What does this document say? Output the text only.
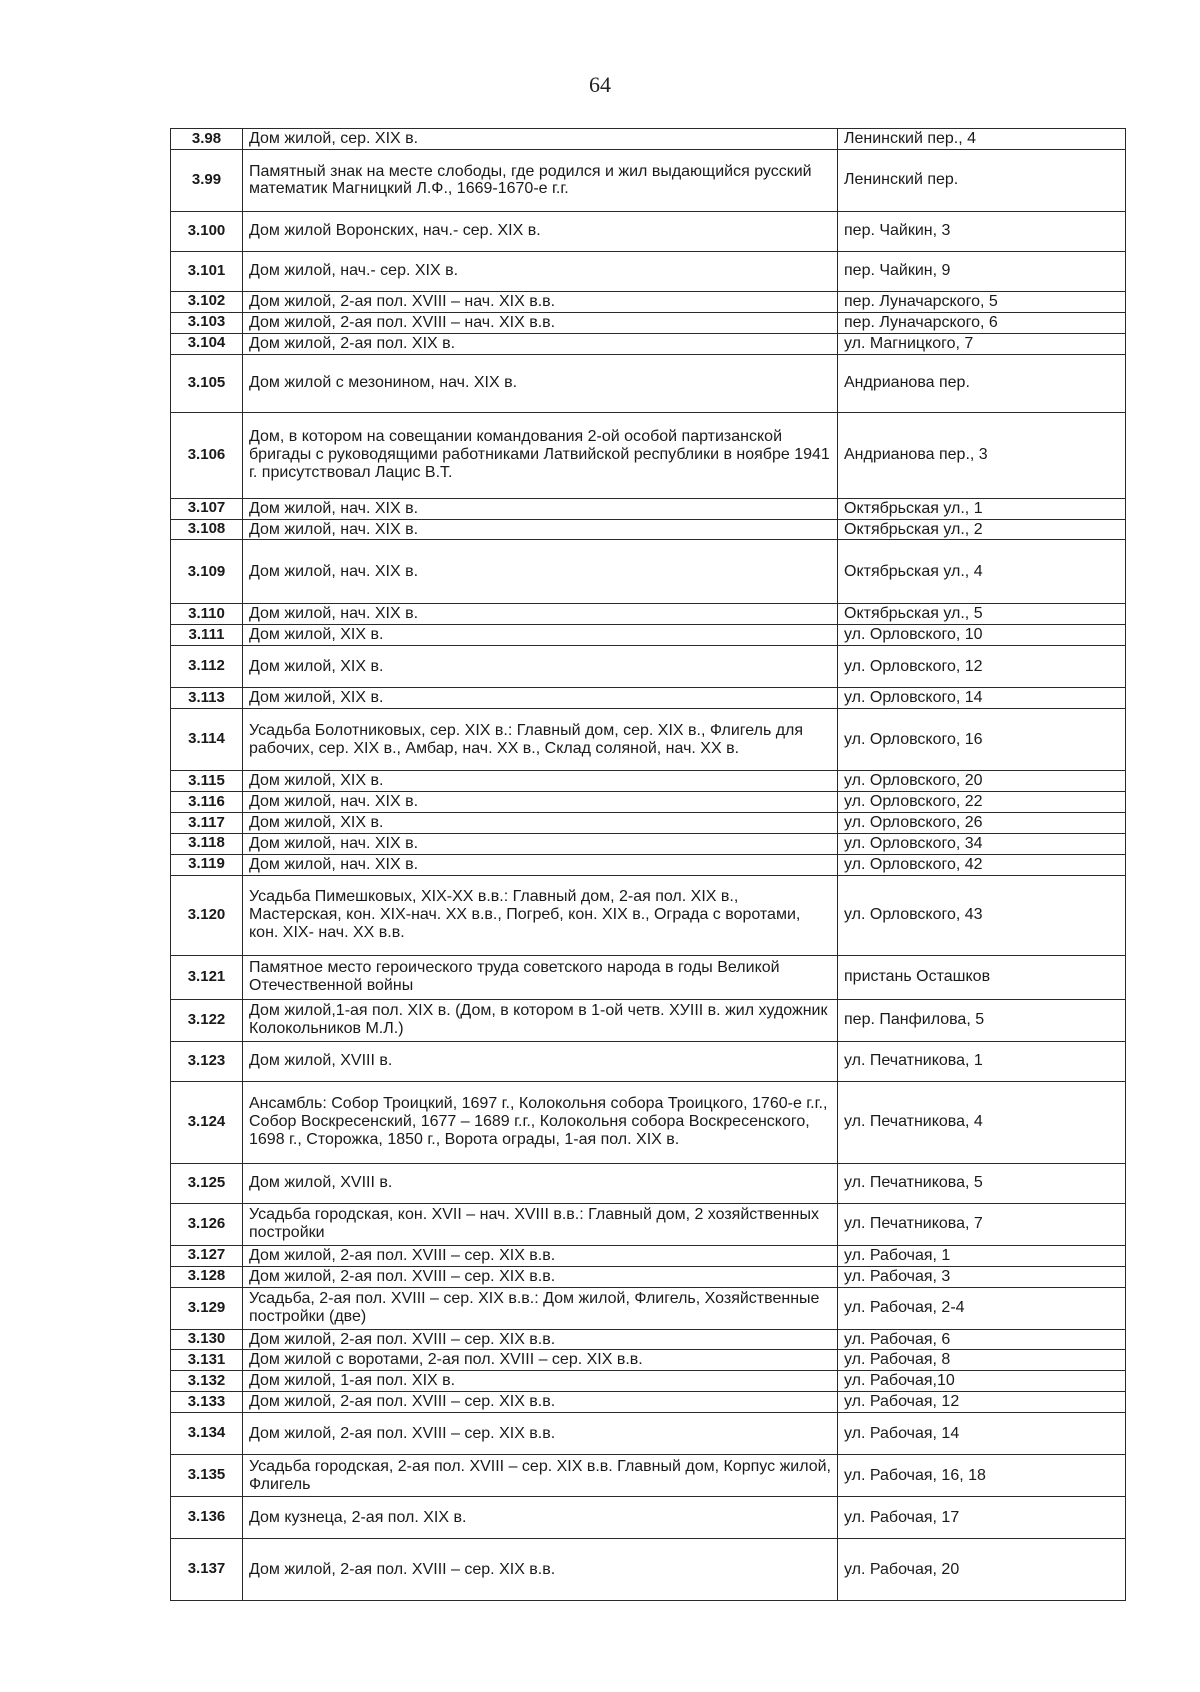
64
3.98	Дом жилой, сер. XIX в.	Ленинский пер., 4
3.99	Памятный знак на месте слободы, где родился и жил выдающийся русский математик Магницкий Л.Ф., 1669-1670-е г.г.	Ленинский пер.
3.100	Дом жилой Воронских, нач.- сер. XIX в.	пер. Чайкин, 3
3.101	Дом жилой, нач.- сер. XIX в.	пер. Чайкин, 9
3.102	Дом жилой, 2-ая пол. XVIII – нач. XIX в.в.	пер. Луначарского, 5
3.103	Дом жилой, 2-ая пол. XVIII – нач. XIX в.в.	пер. Луначарского, 6
3.104	Дом жилой, 2-ая пол. XIX в.	ул. Магницкого, 7
3.105	Дом жилой с мезонином, нач. XIX в.	Андрианова пер.
3.106	Дом, в котором на совещании командования 2-ой особой партизанской бригады с руководящими работниками Латвийской республики в ноябре 1941 г. присутствовал Лацис В.Т.	Андрианова пер., 3
3.107	Дом жилой, нач. XIX в.	Октябрьская ул., 1
3.108	Дом жилой, нач. XIX в.	Октябрьская ул., 2
3.109	Дом жилой, нач. XIX в.	Октябрьская ул., 4
3.110	Дом жилой, нач. XIX в.	Октябрьская ул., 5
3.111	Дом жилой, XIX в.	ул. Орловского, 10
3.112	Дом жилой, XIX в.	ул. Орловского, 12
3.113	Дом жилой, XIX в.	ул. Орловского, 14
3.114	Усадьба Болотниковых, сер. XIX в.: Главный дом, сер. XIX в., Флигель для рабочих, сер. XIX в., Амбар, нач. XX в., Склад соляной, нач. XX в.	ул. Орловского, 16
3.115	Дом жилой, XIX в.	ул. Орловского, 20
3.116	Дом жилой, нач. XIX в.	ул. Орловского, 22
3.117	Дом жилой, XIX в.	ул. Орловского, 26
3.118	Дом жилой, нач. XIX в.	ул. Орловского, 34
3.119	Дом жилой, нач. XIX в.	ул. Орловского, 42
3.120	Усадьба Пимешковых, XIX-XX в.в.: Главный дом, 2-ая пол. XIX в., Мастерская, кон. XIX-нач. XX в.в., Погреб, кон. XIX в., Ограда с воротами, кон. XIX- нач. XX в.в.	ул. Орловского, 43
3.121	Памятное место героического труда советского народа в годы Великой Отечественной войны	пристань Осташков
3.122	Дом жилой,1-ая пол. XIX в. (Дом, в котором в 1-ой четв. XУIII в. жил художник Колокольников М.Л.)	пер. Панфилова, 5
3.123	Дом жилой, XVIII в.	ул. Печатникова, 1
3.124	Ансамбль: Собор Троицкий, 1697 г., Колокольня собора Троицкого, 1760-е г.г., Собор Воскресенский, 1677 – 1689 г.г., Колокольня собора Воскресенского, 1698 г., Сторожка, 1850 г., Ворота ограды, 1-ая пол. XIX в.	ул. Печатникова, 4
3.125	Дом жилой, XVIII в.	ул. Печатникова, 5
3.126	Усадьба городская, кон. XVII – нач. XVIII в.в.: Главный дом, 2 хозяйственных постройки	ул. Печатникова, 7
3.127	Дом жилой, 2-ая пол. XVIII – сер. XIX в.в.	ул. Рабочая, 1
3.128	Дом жилой, 2-ая пол. XVIII – сер. XIX в.в.	ул. Рабочая, 3
3.129	Усадьба, 2-ая пол. XVIII – сер. XIX в.в.: Дом жилой, Флигель, Хозяйственные постройки (две)	ул. Рабочая, 2-4
3.130	Дом жилой, 2-ая пол. XVIII – сер. XIX в.в.	ул. Рабочая, 6
3.131	Дом жилой с воротами, 2-ая пол. XVIII – сер. XIX в.в.	ул. Рабочая, 8
3.132	Дом жилой, 1-ая пол. XIX в.	ул. Рабочая,10
3.133	Дом жилой, 2-ая пол. XVIII – сер. XIX в.в.	ул. Рабочая, 12
3.134	Дом жилой, 2-ая пол. XVIII – сер. XIX в.в.	ул. Рабочая, 14
3.135	Усадьба городская, 2-ая пол. XVIII – сер. XIX в.в. Главный дом, Корпус жилой, Флигель	ул. Рабочая, 16, 18
3.136	Дом кузнеца, 2-ая пол. XIX в.	ул. Рабочая, 17
3.137	Дом жилой, 2-ая пол. XVIII – сер. XIX в.в.	ул. Рабочая, 20
